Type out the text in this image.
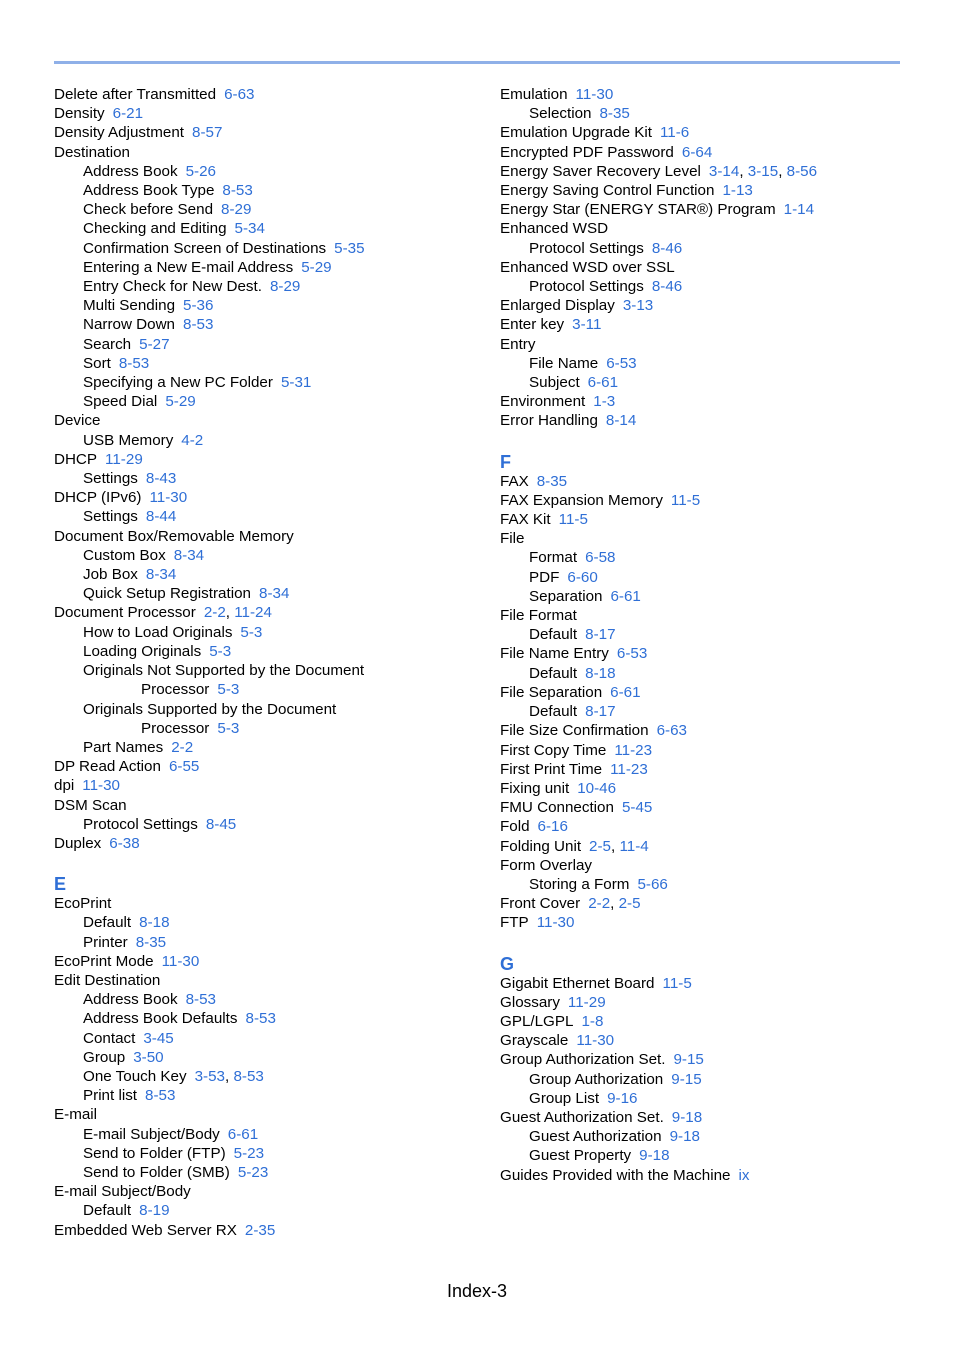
Delete after Transmitted 6-63
Density 6-21
Density Adjustment 8-57
Destination
Address Book 5-26
Address Book Type 8-53
Check before Send 8-29
Checking and Editing 5-34
Confirmation Screen of Destinations 5-35
Entering a New E-mail Address 5-29
Entry Check for New Dest. 8-29
Multi Sending 5-36
Narrow Down 8-53
Search 5-27
Sort 8-53
Specifying a New PC Folder 5-31
Speed Dial 5-29
Device
USB Memory 4-2
DHCP 11-29
Settings 8-43
DHCP (IPv6) 11-30
Settings 8-44
Document Box/Removable Memory
Custom Box 8-34
Job Box 8-34
Quick Setup Registration 8-34
Document Processor 2-2, 11-24
How to Load Originals 5-3
Loading Originals 5-3
Originals Not Supported by the Document
Processor 5-3
Originals Supported by the Document
Processor 5-3
Part Names 2-2
DP Read Action 6-55
dpi 11-30
DSM Scan
Protocol Settings 8-45
Duplex 6-38
E
EcoPrint
Default 8-18
Printer 8-35
EcoPrint Mode 11-30
Edit Destination
Address Book 8-53
Address Book Defaults 8-53
Contact 3-45
Group 3-50
One Touch Key 3-53, 8-53
Print list 8-53
E-mail
E-mail Subject/Body 6-61
Send to Folder (FTP) 5-23
Send to Folder (SMB) 5-23
E-mail Subject/Body
Default 8-19
Embedded Web Server RX 2-35
Emulation 11-30
Selection 8-35
Emulation Upgrade Kit 11-6
Encrypted PDF Password 6-64
Energy Saver Recovery Level 3-14, 3-15, 8-56
Energy Saving Control Function 1-13
Energy Star (ENERGY STAR®) Program 1-14
Enhanced WSD
Protocol Settings 8-46
Enhanced WSD over SSL
Protocol Settings 8-46
Enlarged Display 3-13
Enter key 3-11
Entry
File Name 6-53
Subject 6-61
Environment 1-3
Error Handling 8-14
F
FAX 8-35
FAX Expansion Memory 11-5
FAX Kit 11-5
File
Format 6-58
PDF 6-60
Separation 6-61
File Format
Default 8-17
File Name Entry 6-53
Default 8-18
File Separation 6-61
Default 8-17
File Size Confirmation 6-63
First Copy Time 11-23
First Print Time 11-23
Fixing unit 10-46
FMU Connection 5-45
Fold 6-16
Folding Unit 2-5, 11-4
Form Overlay
Storing a Form 5-66
Front Cover 2-2, 2-5
FTP 11-30
G
Gigabit Ethernet Board 11-5
Glossary 11-29
GPL/LGPL 1-8
Grayscale 11-30
Group Authorization Set. 9-15
Group Authorization 9-15
Group List 9-16
Guest Authorization Set. 9-18
Guest Authorization 9-18
Guest Property 9-18
Guides Provided with the Machine ix
Index-3
